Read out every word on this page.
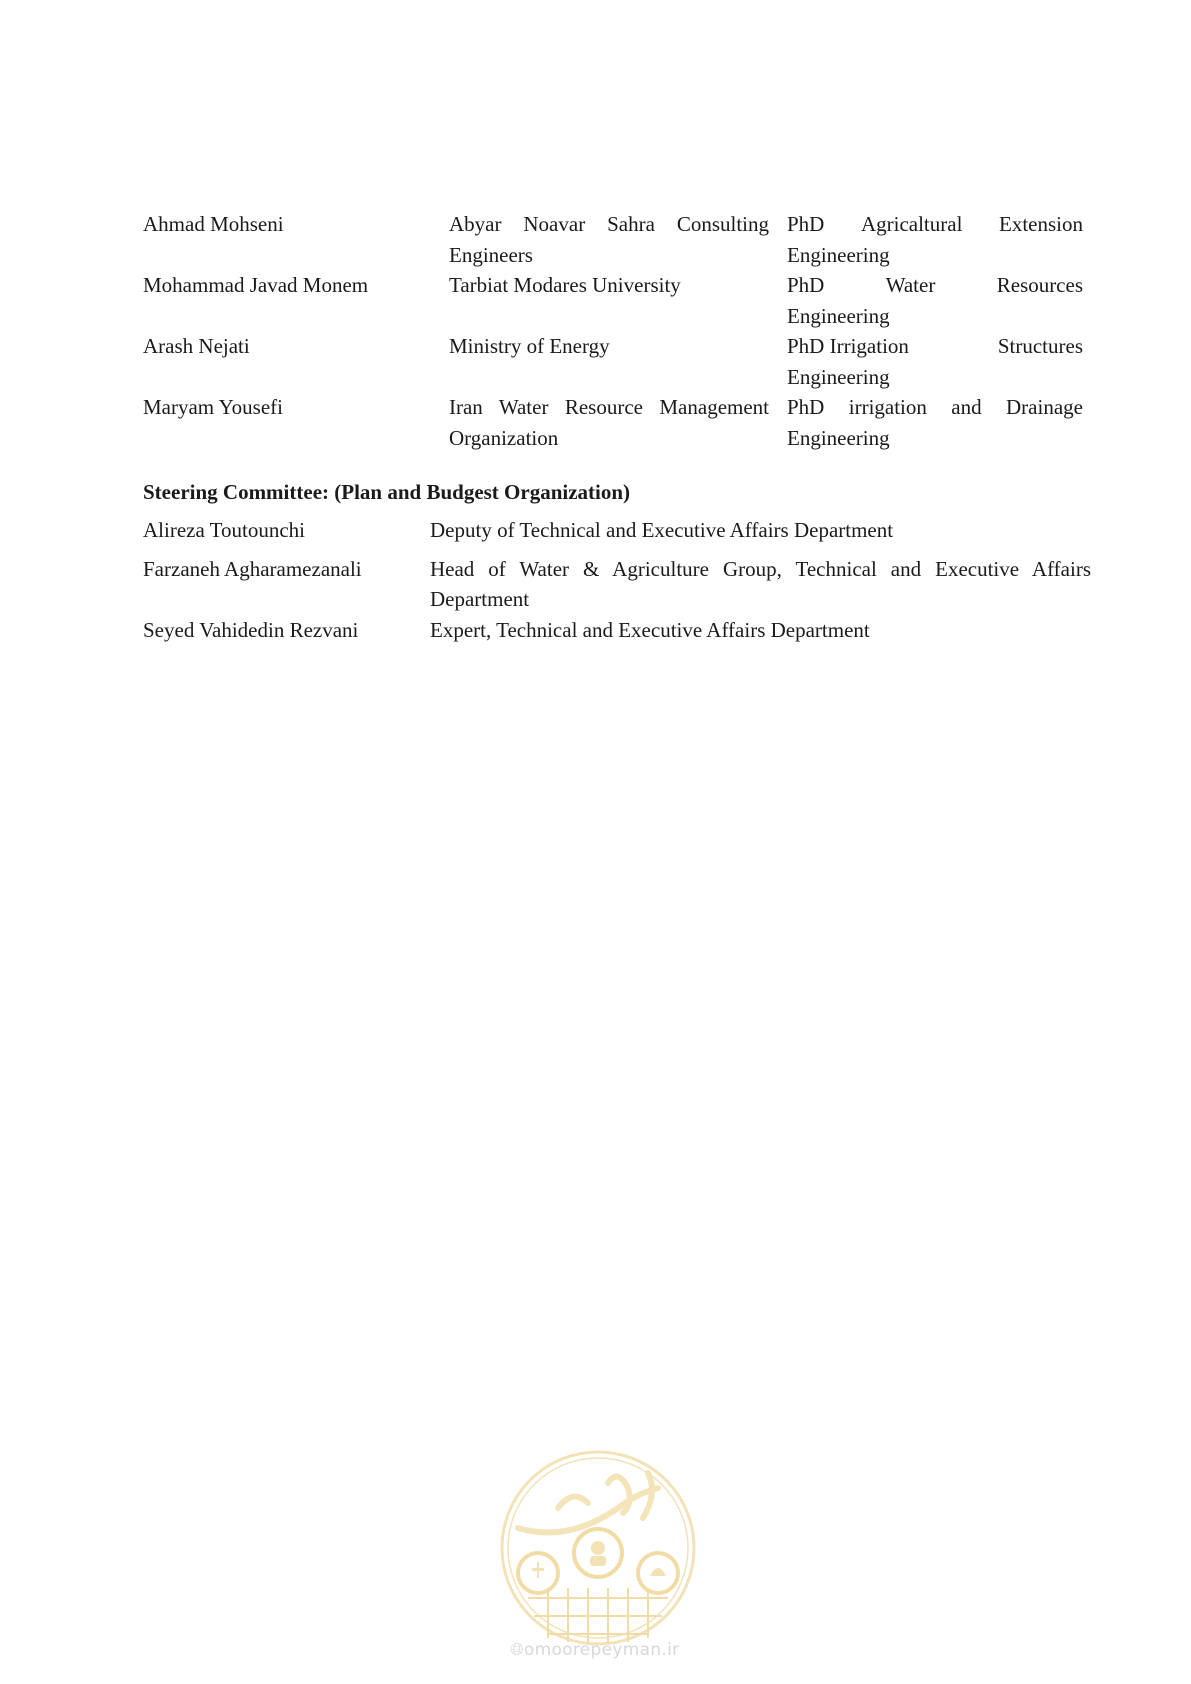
Ahmad Mohseni	Abyar Noavar Sahra Consulting Engineers	PhD Agricaltural Extension
Engineering

Mohammad Javad Monem	Tarbiat Modares University	PhD Water Resources
Engineering

Arash Nejati	Ministry of Energy	PhD Irrigation Structures
Engineering

Maryam Yousefi	Iran Water Resource Management Organization	PhD irrigation and Drainage
Engineering
Steering Committee: (Plan and Budgest Organization)
Alireza Toutounchi	Deputy of Technical and Executive Affairs Department
Farzaneh Agharamezanali	Head of Water & Agriculture Group, Technical and Executive Affairs Department
Seyed Vahidedin Rezvani	Expert, Technical and Executive Affairs Department
🌐︎omoorepeyman.ir
